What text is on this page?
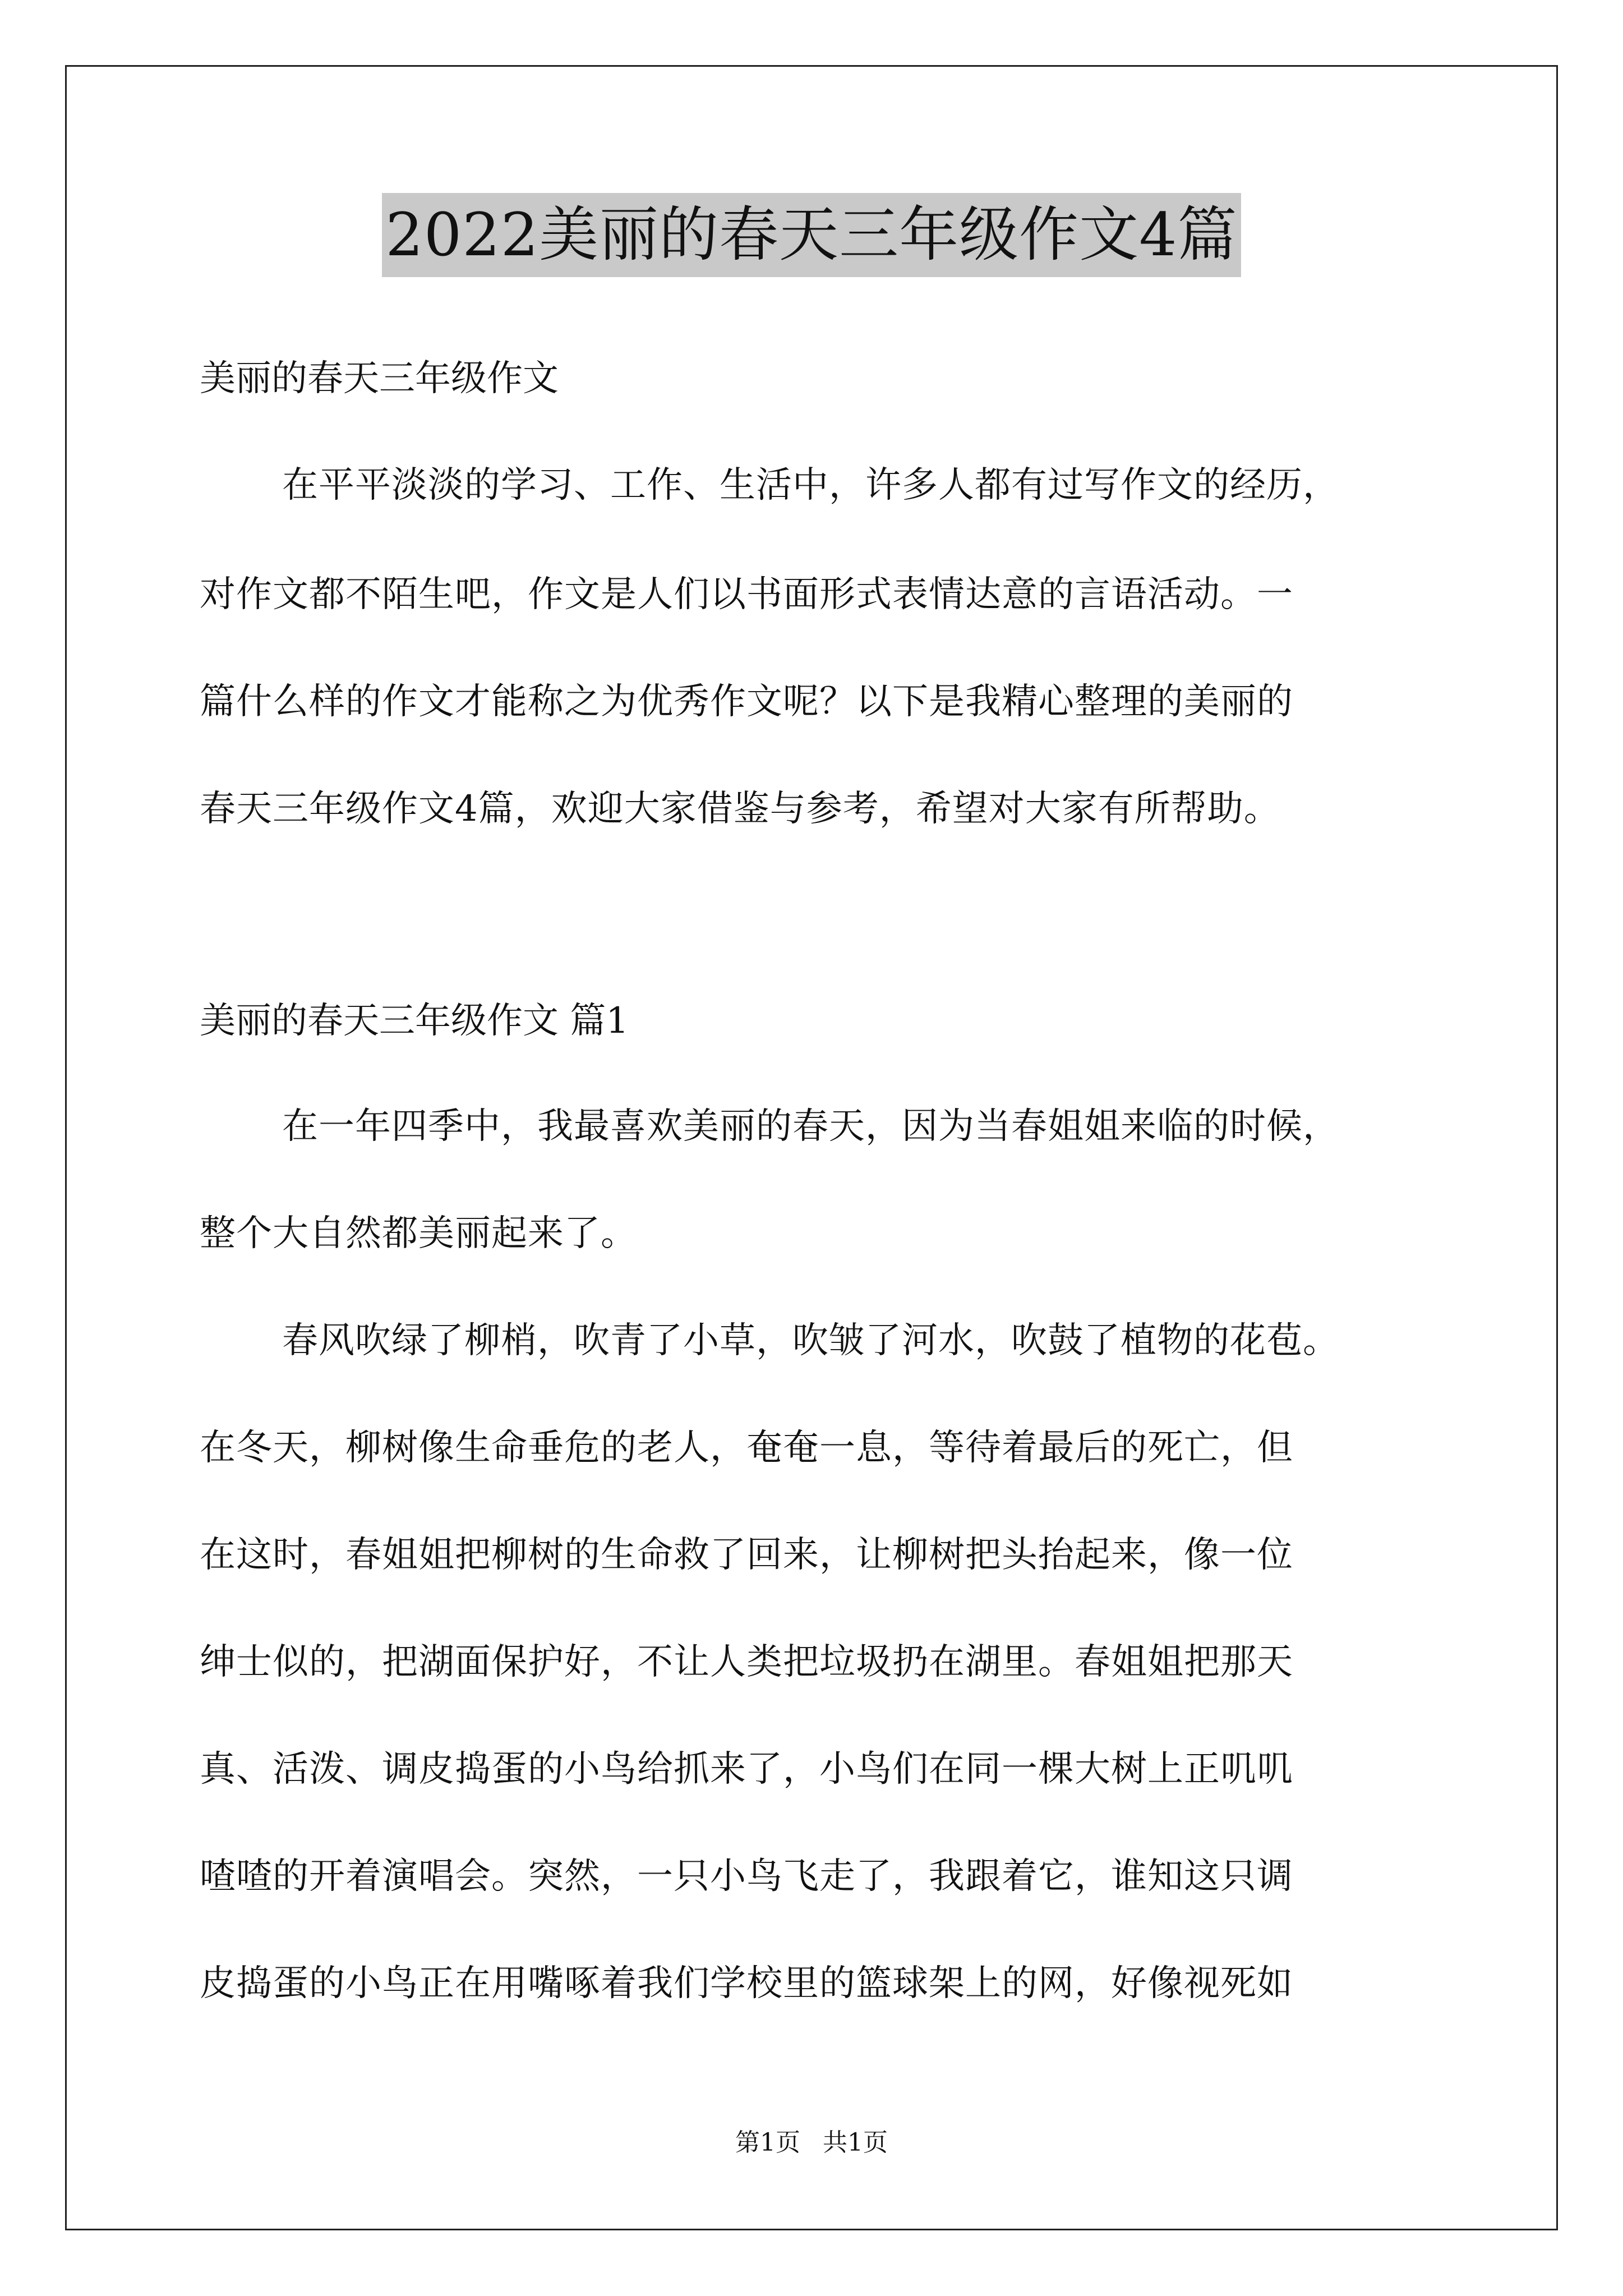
2022美丽的春天三年级作文4篇
美丽的春天三年级作文
在平平淡淡的学习、工作、生活中，许多人都有过写作文的经历，
对作文都不陌生吧，作文是人们以书面形式表情达意的言语活动。一
篇什么样的作文才能称之为优秀作文呢？以下是我精心整理的美丽的
春天三年级作文4篇，欢迎大家借鉴与参考，希望对大家有所帮助。
美丽的春天三年级作文 篇1
在一年四季中，我最喜欢美丽的春天，因为当春姐姐来临的时候，
整个大自然都美丽起来了。
春风吹绿了柳梢，吹青了小草，吹皱了河水，吹鼓了植物的花苞。
在冬天，柳树像生命垂危的老人，奄奄一息，等待着最后的死亡，但
在这时，春姐姐把柳树的生命救了回来，让柳树把头抬起来，像一位
绅士似的，把湖面保护好，不让人类把垃圾扔在湖里。春姐姐把那天
真、活泼、调皮捣蛋的小鸟给抓来了，小鸟们在同一棵大树上正叽叽
喳喳的开着演唱会。突然，一只小鸟飞走了，我跟着它，谁知这只调
皮捣蛋的小鸟正在用嘴啄着我们学校里的篮球架上的网，好像视死如
第1页 共1页
